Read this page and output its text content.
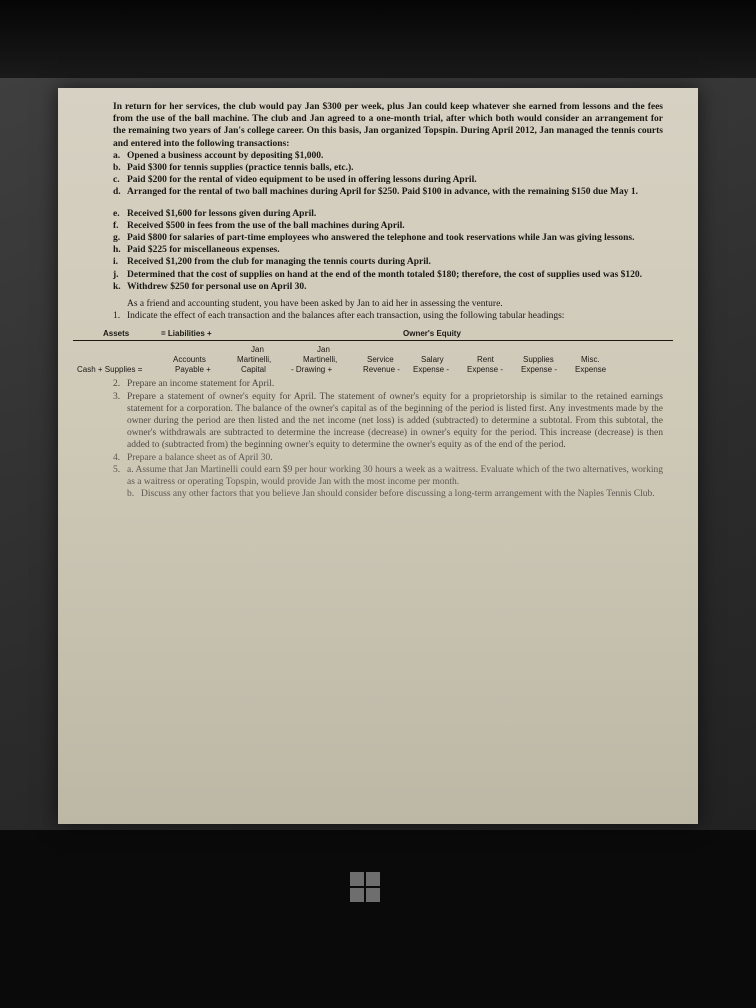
In return for her services, the club would pay Jan $300 per week, plus Jan could keep whatever she earned from lessons and the fees from the use of the ball machine. The club and Jan agreed to a one-month trial, after which both would consider an arrangement for the remaining two years of Jan's college career. On this basis, Jan organized Topspin. During April 2012, Jan managed the tennis courts and entered into the following transactions:

a. Opened a business account by depositing $1,000.
b. Paid $300 for tennis supplies (practice tennis balls, etc.).
c. Paid $200 for the rental of video equipment to be used in offering lessons during April.
d. Arranged for the rental of two ball machines during April for $250. Paid $100 in advance, with the remaining $150 due May 1.
e. Received $1,600 for lessons given during April.
f. Received $500 in fees from the use of the ball machines during April.
g. Paid $800 for salaries of part-time employees who answered the telephone and took reservations while Jan was giving lessons.
h. Paid $225 for miscellaneous expenses.
i. Received $1,200 from the club for managing the tennis courts during April.
j. Determined that the cost of supplies on hand at the end of the month totaled $180; therefore, the cost of supplies used was $120.
k. Withdrew $250 for personal use on April 30.

As a friend and accounting student, you have been asked by Jan to aid her in assessing the venture.

1. Indicate the effect of each transaction and the balances after each transaction, using the following tabular headings:
Assets	= Liabilities +	Owner's Equity
Cash + Supplies =
Accounts
Payable +
Jan
Martinelli,
Capital
Jan
Martinelli,
- Drawing +
Service
Revenue -
Salary
Expense -
Rent
Expense -
Supplies
Expense -
Misc.
Expense
2. Prepare an income statement for April.
3. Prepare a statement of owner's equity for April. The statement of owner's equity for a proprietorship is similar to the retained earnings statement for a corporation. The balance of the owner's capital as of the beginning of the period is listed first. Any investments made by the owner during the period are then listed and the net income (net loss) is added (subtracted) to determine a subtotal. From this subtotal, the owner's withdrawals are subtracted to determine the increase (decrease) in owner's equity for the period. This increase (decrease) is then added to (subtracted from) the beginning owner's equity to determine the owner's equity as of the end of the period.
4. Prepare a balance sheet as of April 30.
5. a. Assume that Jan Martinelli could earn $9 per hour working 30 hours a week as a waitress. Evaluate which of the two alternatives, working as a waitress or operating Topspin, would provide Jan with the most income per month.
b. Discuss any other factors that you believe Jan should consider before discussing a long-term arrangement with the Naples Tennis Club.
